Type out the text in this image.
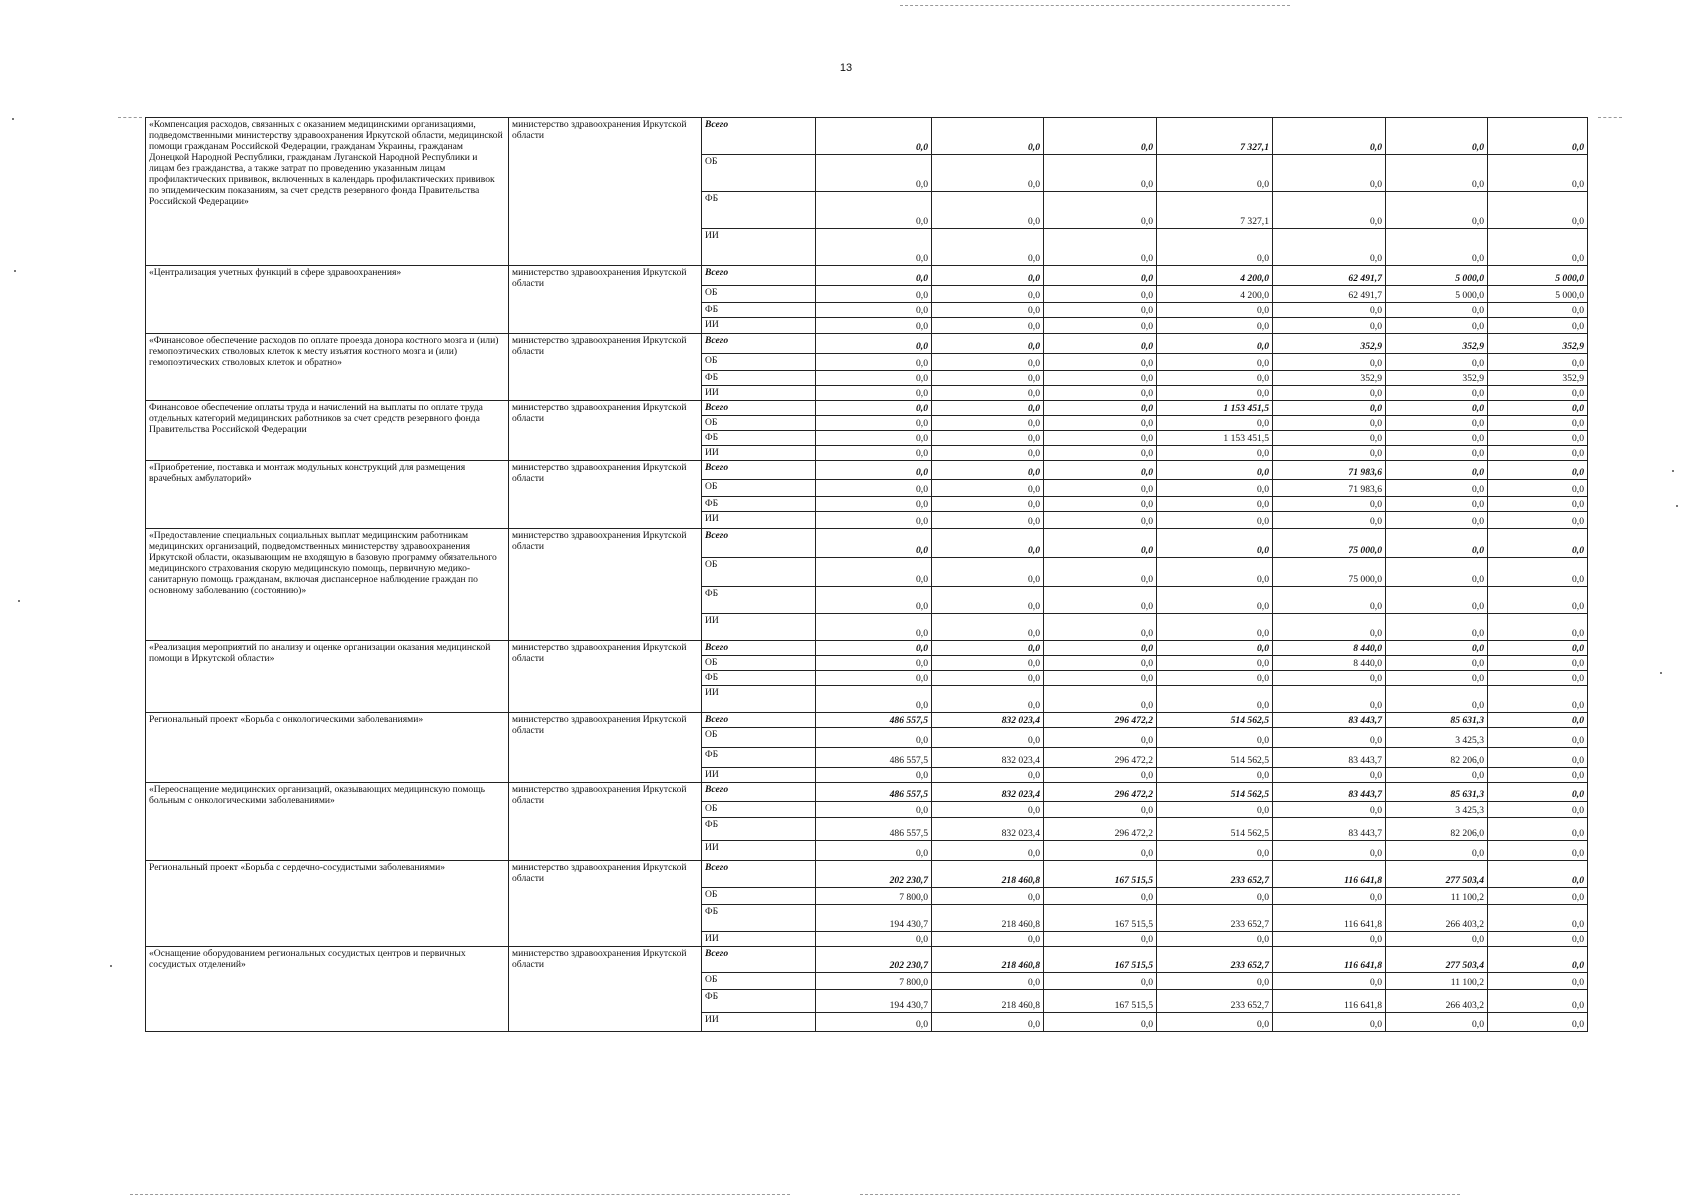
13
«Компенсация расходов, связанных с оказанием медицинскими организациями, подведомственными министерству здравоохранения Иркутской области, медицинской помощи гражданам Российской Федерации, гражданам Украины, гражданам Донецкой Народной Республики, гражданам Луганской Народной Республики и лицам без гражданства, а также затрат по проведению указанным лицам профилактических прививок, включенных в календарь профилактических прививок по эпидемическим показаниям, за счет средств резервного фонда Правительства Российской Федерации»	министерство здравоохранения Иркутской области	Всего	0,0	0,0	0,0	7 327,1	0,0	0,0	0,0
		ОБ	0,0	0,0	0,0	0,0	0,0	0,0	0,0
		ФБ	0,0	0,0	0,0	7 327,1	0,0	0,0	0,0
		ИИ	0,0	0,0	0,0	0,0	0,0	0,0	0,0
«Централизация учетных функций в сфере здравоохранения»	министерство здравоохранения Иркутской области	Всего	0,0	0,0	0,0	4 200,0	62 491,7	5 000,0	5 000,0
		ОБ	0,0	0,0	0,0	4 200,0	62 491,7	5 000,0	5 000,0
		ФБ	0,0	0,0	0,0	0,0	0,0	0,0	0,0
		ИИ	0,0	0,0	0,0	0,0	0,0	0,0	0,0
«Финансовое обеспечение расходов по оплате проезда донора костного мозга и (или) гемопоэтических стволовых клеток к месту изъятия костного мозга и (или) гемопоэтических стволовых клеток и обратно»	министерство здравоохранения Иркутской области	Всего	0,0	0,0	0,0	0,0	352,9	352,9	352,9
		ОБ	0,0	0,0	0,0	0,0	0,0	0,0	0,0
		ФБ	0,0	0,0	0,0	0,0	352,9	352,9	352,9
		ИИ	0,0	0,0	0,0	0,0	0,0	0,0	0,0
Финансовое обеспечение оплаты труда и начислений на выплаты по оплате труда отдельных категорий медицинских работников за счет средств резервного фонда Правительства Российской Федерации	министерство здравоохранения Иркутской области	Всего	0,0	0,0	0,0	1 153 451,5	0,0	0,0	0,0
		ОБ	0,0	0,0	0,0	0,0	0,0	0,0	0,0
		ФБ	0,0	0,0	0,0	1 153 451,5	0,0	0,0	0,0
		ИИ	0,0	0,0	0,0	0,0	0,0	0,0	0,0
«Приобретение, поставка и монтаж модульных конструкций для размещения врачебных амбулаторий»	министерство здравоохранения Иркутской области	Всего	0,0	0,0	0,0	0,0	71 983,6	0,0	0,0
		ОБ	0,0	0,0	0,0	0,0	71 983,6	0,0	0,0
		ФБ	0,0	0,0	0,0	0,0	0,0	0,0	0,0
		ИИ	0,0	0,0	0,0	0,0	0,0	0,0	0,0
«Предоставление специальных социальных выплат медицинским работникам медицинских организаций, подведомственных министерству здравоохранения Иркутской области, оказывающим не входящую в базовую программу обязательного медицинского страхования скорую медицинскую помощь, первичную медико-санитарную помощь гражданам, включая диспансерное наблюдение граждан по основному заболеванию (состоянию)»	министерство здравоохранения Иркутской области	Всего	0,0	0,0	0,0	0,0	75 000,0	0,0	0,0
		ОБ	0,0	0,0	0,0	0,0	75 000,0	0,0	0,0
		ФБ	0,0	0,0	0,0	0,0	0,0	0,0	0,0
		ИИ	0,0	0,0	0,0	0,0	0,0	0,0	0,0
«Реализация мероприятий по анализу и оценке организации оказания медицинской помощи в Иркутской области»	министерство здравоохранения Иркутской области	Всего	0,0	0,0	0,0	0,0	8 440,0	0,0	0,0
		ОБ	0,0	0,0	0,0	0,0	8 440,0	0,0	0,0
		ФБ	0,0	0,0	0,0	0,0	0,0	0,0	0,0
		ИИ	0,0	0,0	0,0	0,0	0,0	0,0	0,0
Региональный проект «Борьба с онкологическими заболеваниями»	министерство здравоохранения Иркутской области	Всего	486 557,5	832 023,4	296 472,2	514 562,5	83 443,7	85 631,3	0,0
		ОБ	0,0	0,0	0,0	0,0	0,0	3 425,3	0,0
		ФБ	486 557,5	832 023,4	296 472,2	514 562,5	83 443,7	82 206,0	0,0
		ИИ	0,0	0,0	0,0	0,0	0,0	0,0	0,0
«Переоснащение медицинских организаций, оказывающих медицинскую помощь больным с онкологическими заболеваниями»	министерство здравоохранения Иркутской области	Всего	486 557,5	832 023,4	296 472,2	514 562,5	83 443,7	85 631,3	0,0
		ОБ	0,0	0,0	0,0	0,0	0,0	3 425,3	0,0
		ФБ	486 557,5	832 023,4	296 472,2	514 562,5	83 443,7	82 206,0	0,0
		ИИ	0,0	0,0	0,0	0,0	0,0	0,0	0,0
Региональный проект «Борьба с сердечно-сосудистыми заболеваниями»	министерство здравоохранения Иркутской области	Всего	202 230,7	218 460,8	167 515,5	233 652,7	116 641,8	277 503,4	0,0
		ОБ	7 800,0	0,0	0,0	0,0	0,0	11 100,2	0,0
		ФБ	194 430,7	218 460,8	167 515,5	233 652,7	116 641,8	266 403,2	0,0
		ИИ	0,0	0,0	0,0	0,0	0,0	0,0	0,0
«Оснащение оборудованием региональных сосудистых центров и первичных сосудистых отделений»	министерство здравоохранения Иркутской области	Всего	202 230,7	218 460,8	167 515,5	233 652,7	116 641,8	277 503,4	0,0
		ОБ	7 800,0	0,0	0,0	0,0	0,0	11 100,2	0,0
		ФБ	194 430,7	218 460,8	167 515,5	233 652,7	116 641,8	266 403,2	0,0
		ИИ	0,0	0,0	0,0	0,0	0,0	0,0	0,0
